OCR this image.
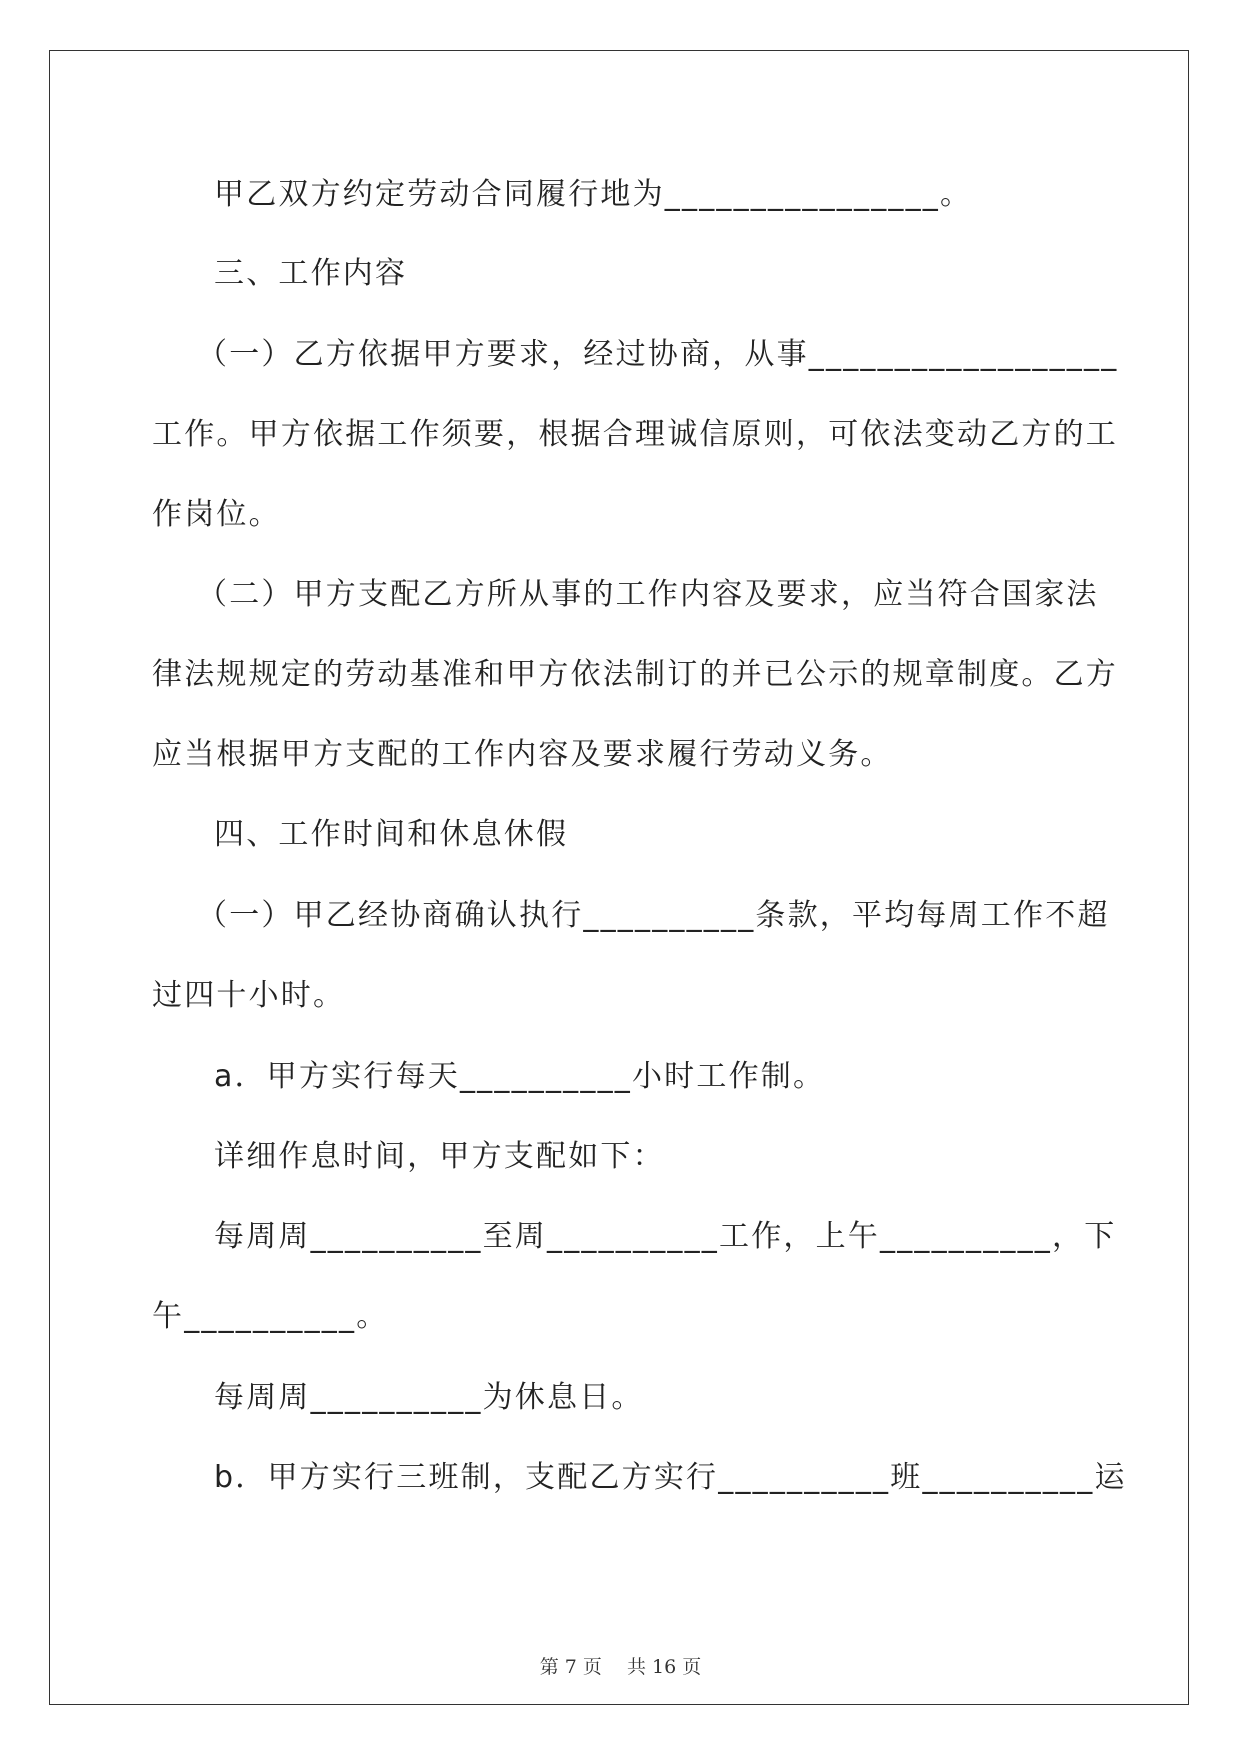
甲乙双方约定劳动合同履行地为________________。
三、工作内容
（一）乙方依据甲方要求，经过协商，从事__________________
工作。甲方依据工作须要，根据合理诚信原则，可依法变动乙方的工
作岗位。
（二）甲方支配乙方所从事的工作内容及要求，应当符合国家法
律法规规定的劳动基准和甲方依法制订的并已公示的规章制度。乙方
应当根据甲方支配的工作内容及要求履行劳动义务。
四、工作时间和休息休假
（一）甲乙经协商确认执行__________条款，平均每周工作不超
过四十小时。
a．甲方实行每天__________小时工作制。
详细作息时间，甲方支配如下：
每周周__________至周__________工作，上午__________，下
午__________。
每周周__________为休息日。
b．甲方实行三班制，支配乙方实行__________班__________运
第 7 页　 共 16 页
